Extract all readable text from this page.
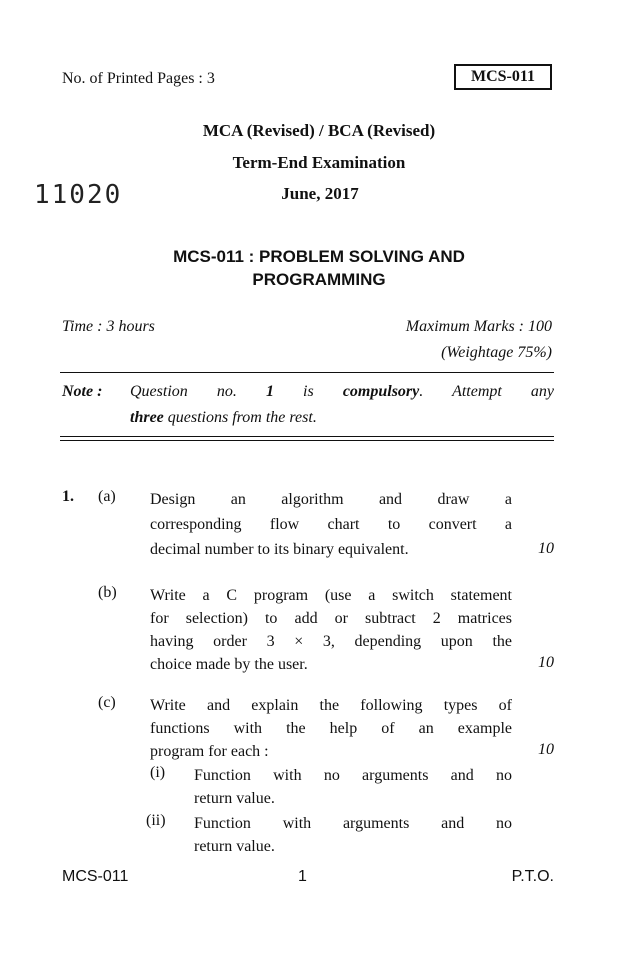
No. of Printed Pages : 3	MCS-011
MCA (Revised) / BCA (Revised)
Term-End Examination
11020	June, 2017
MCS-011 : PROBLEM SOLVING AND
PROGRAMMING
Time : 3 hours	Maximum Marks : 100
(Weightage 75%)
Note : Question no. 1 is compulsory. Attempt any
three questions from the rest.
1. (a) Design an algorithm and draw a
corresponding flow chart to convert a
decimal number to its binary equivalent.	10
(b) Write a C program (use a switch statement
for selection) to add or subtract 2 matrices
having order 3 × 3, depending upon the
choice made by the user.	10
(c) Write and explain the following types of
functions with the help of an example
program for each :	10
(i) Function with no arguments and no
return value.
(ii) Function with arguments and no
return value.
MCS-011	1	P.T.O.
